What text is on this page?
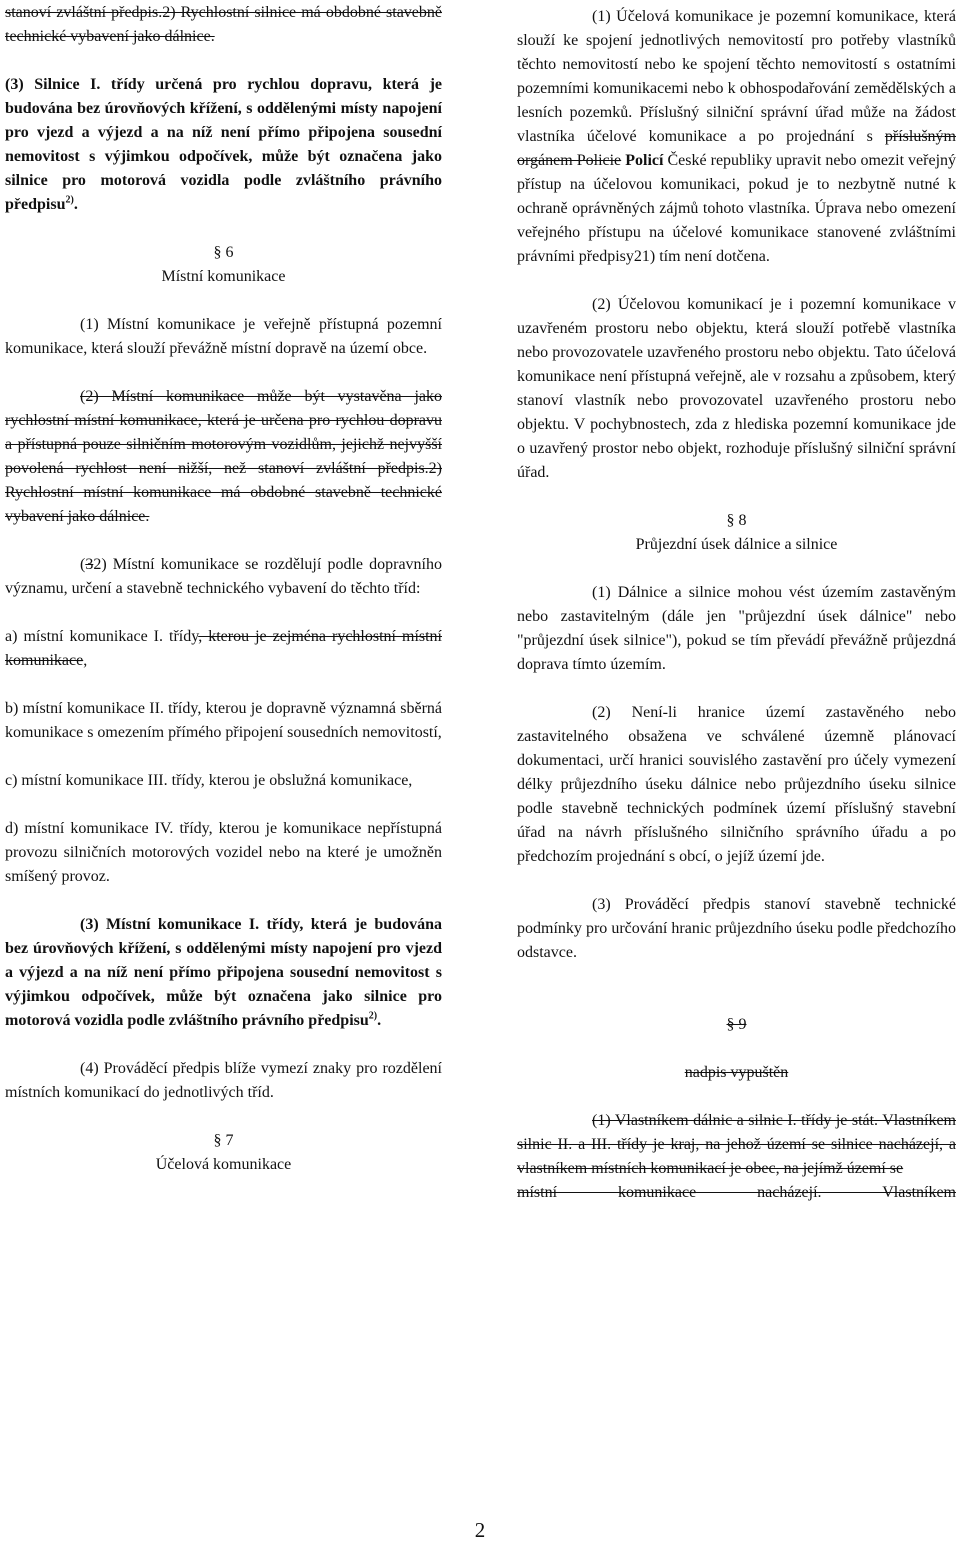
stanoví zvláštní předpis.2) Rychlostní silnice má obdobné stavebně technické vybavení jako dálnice.

(3) Silnice I. třídy určená pro rychlou dopravu, která je budována bez úrovňových křížení, s oddělenými místy napojení pro vjezd a výjezd a na níž není přímo připojena sousední nemovitost s výjimkou odpočívek, může být označena jako silnice pro motorová vozidla podle zvláštního právního předpisu$^{2)}$.

§ 6

Místní komunikace

(1) Místní komunikace je veřejně přístupná pozemní komunikace, která slouží převážně místní dopravě na území obce.

(2) Místní komunikace může být vystavěna jako rychlostní místní komunikace, která je určena pro rychlou dopravu a přístupná pouze silničním motorovým vozidlům, jejichž nejvyšší povolená rychlost není nižší, než stanoví zvláštní předpis.2) Rychlostní místní komunikace má obdobné stavebně technické vybavení jako dálnice.

(32) Místní komunikace se rozdělují podle dopravního významu, určení a stavebně technického vybavení do těchto tříd:

a) místní komunikace I. třídy, kterou je zejména rychlostní místní komunikace,

b) místní komunikace II. třídy, kterou je dopravně významná sběrná komunikace s omezením přímého připojení sousedních nemovitostí,

c) místní komunikace III. třídy, kterou je obslužná komunikace,

d) místní komunikace IV. třídy, kterou je komunikace nepřístupná provozu silničních motorových vozidel nebo na které je umožněn smíšený provoz.

(3) Místní komunikace I. třídy, která je budována bez úrovňových křížení, s oddělenými místy napojení pro vjezd a výjezd a na níž není přímo připojena sousední nemovitost s výjimkou odpočívek, může být označena jako silnice pro motorová vozidla podle zvláštního právního předpisu$^{2)}$.

(4) Prováděcí předpis blíže vymezí znaky pro rozdělení místních komunikací do jednotlivých tříd.

§ 7

Účelová komunikace

(1) Účelová komunikace je pozemní komunikace, která slouží ke spojení jednotlivých nemovitostí pro potřeby vlastníků těchto nemovitostí nebo ke spojení těchto nemovitostí s ostatními pozemními komunikacemi nebo k obhospodařování zemědělských a lesních pozemků. Příslušný silniční správní úřad může na žádost vlastníka účelové komunikace a po projednání s příslušným orgánem Policie Policí České republiky upravit nebo omezit veřejný přístup na účelovou komunikaci, pokud je to nezbytně nutné k ochraně oprávněných zájmů tohoto vlastníka. Úprava nebo omezení veřejného přístupu na účelové komunikace stanovené zvláštními právními předpisy21) tím není dotčena.

(2) Účelovou komunikací je i pozemní komunikace v uzavřeném prostoru nebo objektu, která slouží potřebě vlastníka nebo provozovatele uzavřeného prostoru nebo objektu. Tato účelová komunikace není přístupná veřejně, ale v rozsahu a způsobem, který stanoví vlastník nebo provozovatel uzavřeného prostoru nebo objektu. V pochybnostech, zda z hlediska pozemní komunikace jde o uzavřený prostor nebo objekt, rozhoduje příslušný silniční správní úřad.

§ 8

Průjezdní úsek dálnice a silnice

(1) Dálnice a silnice mohou vést územím zastavěným nebo zastavitelným (dále jen "průjezdní úsek dálnice" nebo "průjezdní úsek silnice"), pokud se tím převádí převážně průjezdná doprava tímto územím.

(2) Není-li hranice území zastavěného nebo zastavitelného obsažena ve schválené územně plánovací dokumentaci, určí hranici souvislého zastavění pro účely vymezení délky průjezdního úseku dálnice nebo průjezdního úseku silnice podle stavebně technických podmínek území příslušný stavební úřad na návrh příslušného silničního správního úřadu a po předchozím projednání s obcí, o jejíž území jde.

(3) Prováděcí předpis stanoví stavebně technické podmínky pro určování hranic průjezdního úseku podle předchozího odstavce.

§ 9

nadpis vypuštěn

(1) Vlastníkem dálnic a silnic I. třídy je stát. Vlastníkem silnic II. a III. třídy je kraj, na jehož území se silnice nacházejí, a vlastníkem místních komunikací je obec, na jejímž území se

místní komunikace nacházejí. Vlastníkem

2
